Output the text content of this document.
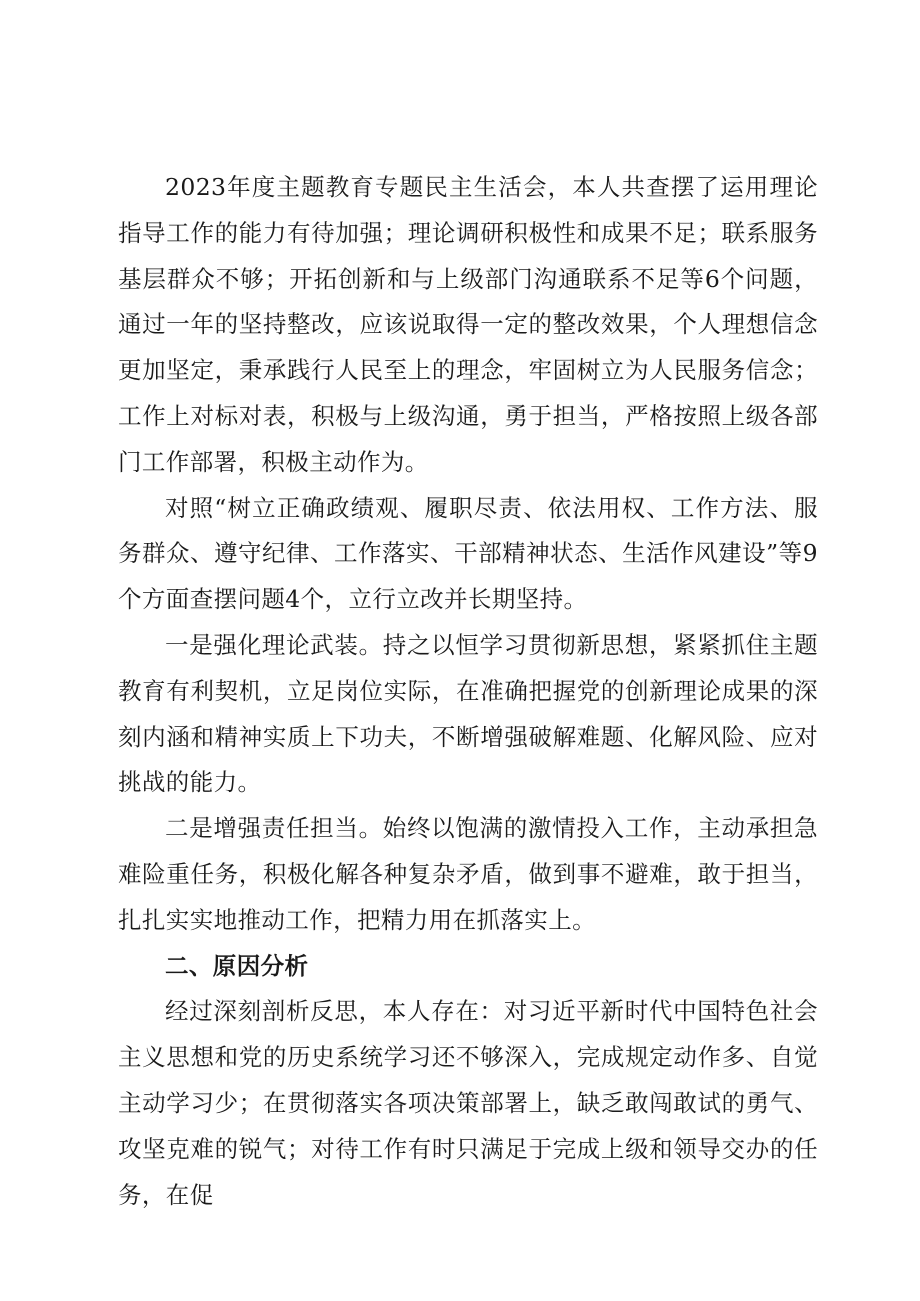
2023年度主题教育专题民主生活会，本人共查摆了运用理论指导工作的能力有待加强；理论调研积极性和成果不足；联系服务基层群众不够；开拓创新和与上级部门沟通联系不足等6个问题，通过一年的坚持整改，应该说取得一定的整改效果，个人理想信念更加坚定，秉承践行人民至上的理念，牢固树立为人民服务信念；工作上对标对表，积极与上级沟通，勇于担当，严格按照上级各部门工作部署，积极主动作为。

对照“树立正确政绩观、履职尽责、依法用权、工作方法、服务群众、遵守纪律、工作落实、干部精神状态、生活作风建设”等9个方面查摆问题4个，立行立改并长期坚持。

一是强化理论武装。持之以恒学习贯彻新思想，紧紧抓住主题教育有利契机，立足岗位实际，在准确把握党的创新理论成果的深刻内涵和精神实质上下功夫，不断增强破解难题、化解风险、应对挑战的能力。

二是增强责任担当。始终以饱满的激情投入工作，主动承担急难险重任务，积极化解各种复杂矛盾，做到事不避难，敢于担当，扎扎实实地推动工作，把精力用在抓落实上。

二、原因分析

经过深刻剖析反思，本人存在：对习近平新时代中国特色社会主义思想和党的历史系统学习还不够深入，完成规定动作多、自觉主动学习少；在贯彻落实各项决策部署上，缺乏敢闯敢试的勇气、攻坚克难的锐气；对待工作有时只满足于完成上级和领导交办的任务，在促
